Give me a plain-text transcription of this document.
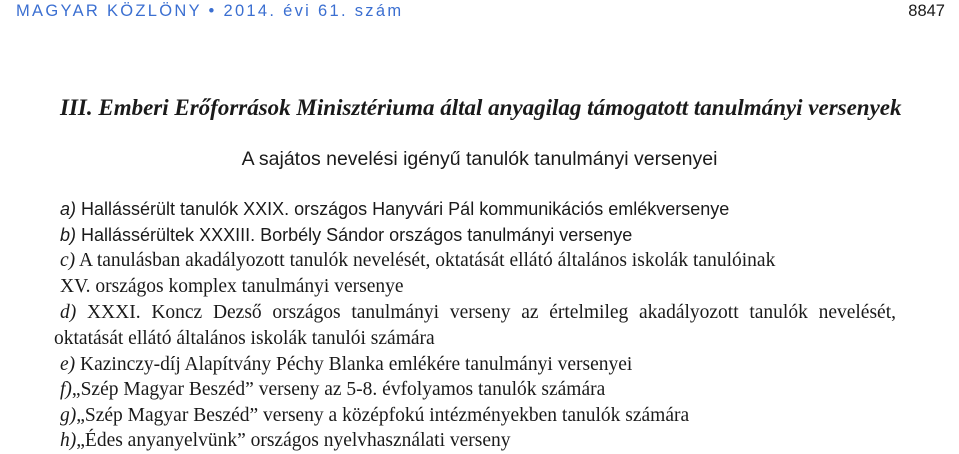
MAGYAR KÖZLÖNY • 2014. évi 61. szám	8847
III. Emberi Erőforrások Minisztériuma által anyagilag támogatott tanulmányi versenyek

A sajátos nevelési igényű tanulók tanulmányi versenyei

a) Hallássérült tanulók XXIX. országos Hanyvári Pál kommunikációs emlékversenye

b) Hallássérültek XXXIII. Borbély Sándor országos tanulmányi versenye

c) A tanulásban akadályozott tanulók nevelését, oktatását ellátó általános iskolák tanulóinak
XV. országos komplex tanulmányi versenye

d) XXXI. Koncz Dezső országos tanulmányi verseny az értelmileg akadályozott tanulók nevelését, oktatását ellátó általános iskolák tanulói számára

e) Kazinczy-díj Alapítvány Péchy Blanka emlékére tanulmányi versenyei

f)„Szép Magyar Beszéd” verseny az 5-8. évfolyamos tanulók számára

g)„Szép Magyar Beszéd” verseny a középfokú intézményekben tanulók számára

h)„Édes anyanyelvünk” országos nyelvhasználati verseny
